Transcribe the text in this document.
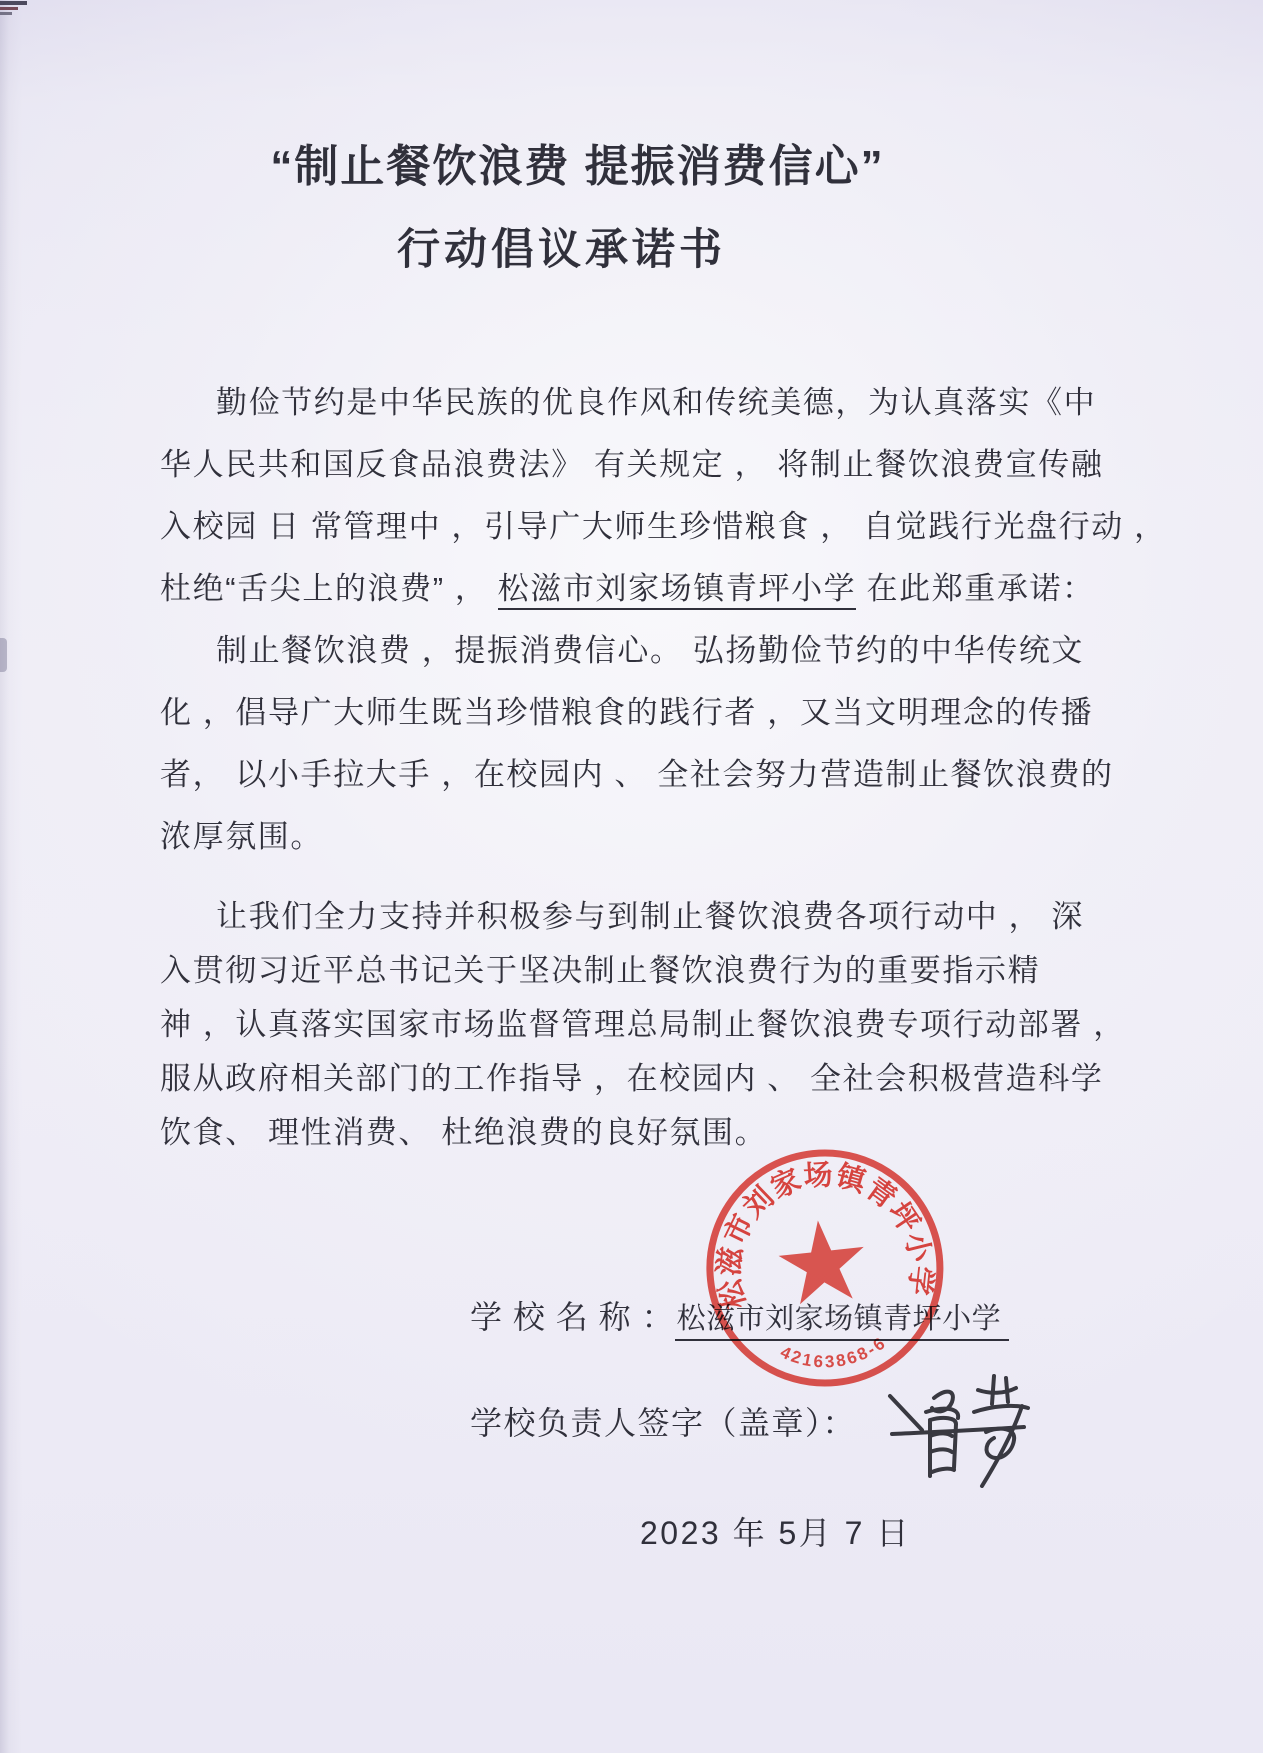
“制止餐饮浪费 提振消费信心”
行动倡议承诺书
勤俭节约是中华民族的优良作风和传统美德，为认真落实《中
华人民共和国反食品浪费法》 有关规定 ， 将制止餐饮浪费宣传融
入校园 日 常管理中 ，引导广大师生珍惜粮食 ， 自觉践行光盘行动 ，
杜绝“舌尖上的浪费” ， 松滋市刘家场镇青坪小学 在此郑重承诺：
制止餐饮浪费 ，提振消费信心。 弘扬勤俭节约的中华传统文
化 ，倡导广大师生既当珍惜粮食的践行者 ，又当文明理念的传播
者， 以小手拉大手 ，在校园内 、 全社会努力营造制止餐饮浪费的
浓厚氛围。
让我们全力支持并积极参与到制止餐饮浪费各项行动中 ， 深
入贯彻习近平总书记关于坚决制止餐饮浪费行为的重要指示精
神 ，认真落实国家市场监督管理总局制止餐饮浪费专项行动部署 ，
服从政府相关部门的工作指导 ，在校园内 、 全社会积极营造科学
饮食、 理性消费、 杜绝浪费的良好氛围。
学 校 名 称 ：松滋市刘家场镇青坪小学
学校负责人签字（盖章）：
2023 年 5月 7 日
松滋市刘家场镇青坪小学
42163868-6
